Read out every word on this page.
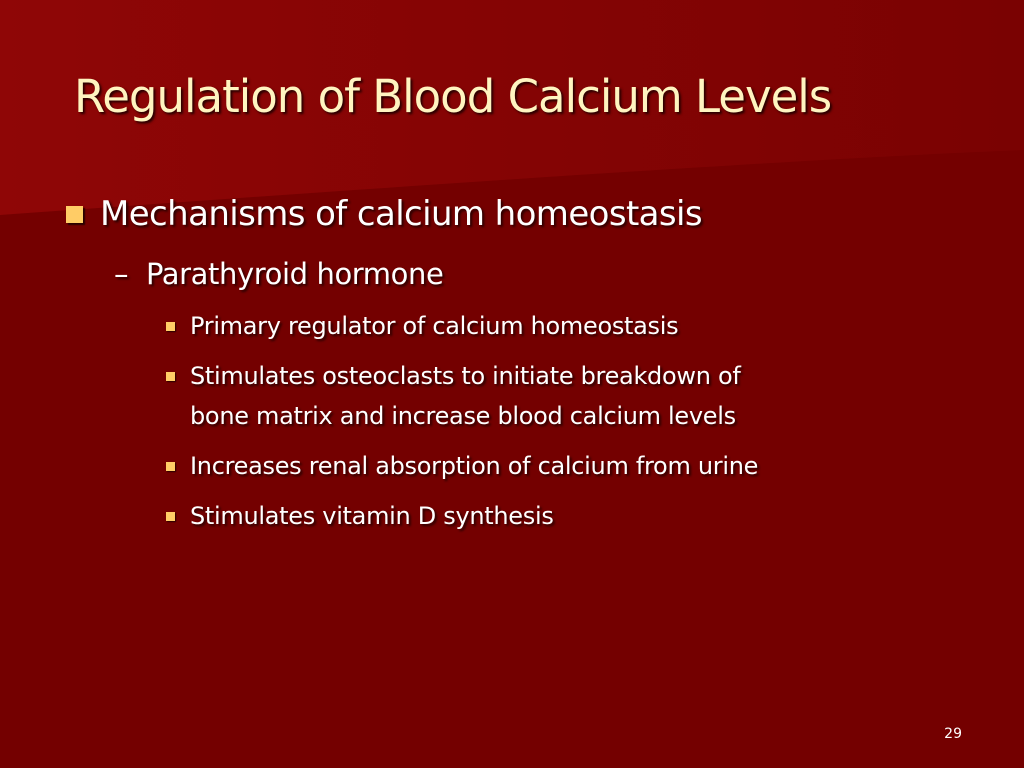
Regulation of Blood Calcium Levels
Mechanisms of calcium homeostasis
– Parathyroid hormone
Primary regulator of calcium homeostasis
Stimulates osteoclasts to initiate breakdown of
bone matrix and increase blood calcium levels
Increases renal absorption of calcium from urine
Stimulates vitamin D synthesis
29
